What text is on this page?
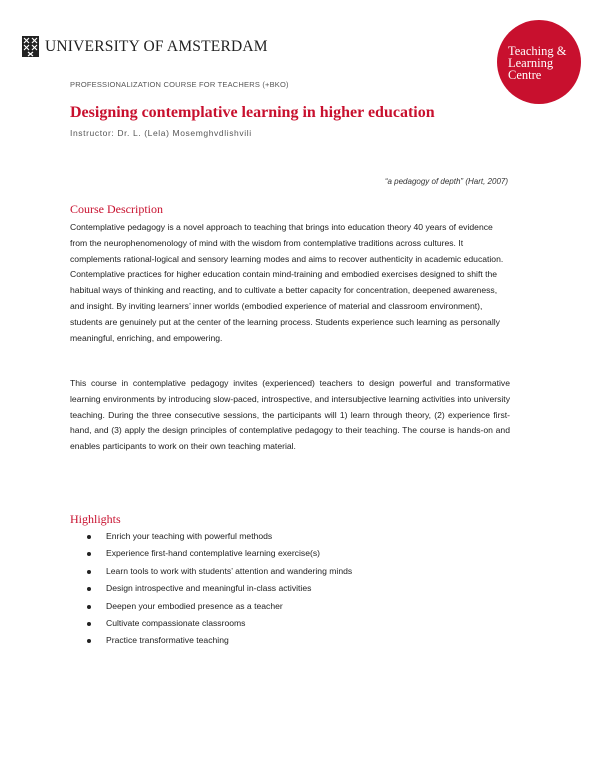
UNIVERSITY OF AMSTERDAM	Teaching &
Learning
Centre
PROFESSIONALIZATION COURSE FOR TEACHERS (+BKO)
Designing contemplative learning in higher education
Instructor: Dr. L. (Lela) Mosemghvdlishvili
“a pedagogy of depth” (Hart, 2007)
Course Description

Contemplative pedagogy is a novel approach to teaching that brings into education theory 40 years of evidence from the neurophenomenology of mind with the wisdom from contemplative traditions across cultures. It complements rational-logical and sensory learning modes and aims to recover authenticity in academic education. Contemplative practices for higher education contain mind-training and embodied exercises designed to shift the habitual ways of thinking and reacting, and to cultivate a better capacity for concentration, deepened awareness, and insight. By inviting learners’ inner worlds (embodied experience of material and classroom environment), students are genuinely put at the center of the learning process. Students experience such learning as personally meaningful, enriching, and empowering.

This course in contemplative pedagogy invites (experienced) teachers to design powerful and transformative learning environments by introducing slow-paced, introspective, and intersubjective learning activities into university teaching. During the three consecutive sessions, the participants will 1) learn through theory, (2) experience first-hand, and (3) apply the design principles of contemplative pedagogy to their teaching. The course is hands-on and enables participants to work on their own teaching material.

Highlights
Enrich your teaching with powerful methods
Experience first-hand contemplative learning exercise(s)
Learn tools to work with students’ attention and wandering minds
Design introspective and meaningful in-class activities
Deepen your embodied presence as a teacher
Cultivate compassionate classrooms
Practice transformative teaching
